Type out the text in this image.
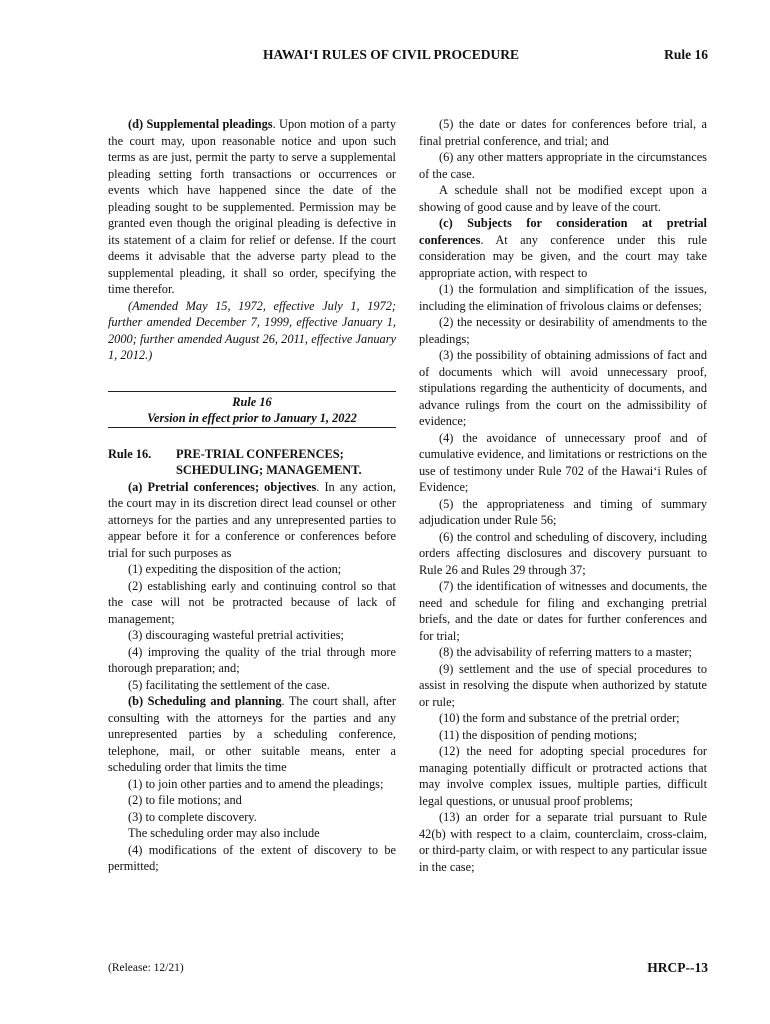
HAWAI‘I RULES OF CIVIL PROCEDURE	Rule 16

(d) Supplemental pleadings. Upon motion of a party the court may, upon reasonable notice and upon such terms as are just, permit the party to serve a supplemental pleading setting forth transactions or occurrences or events which have happened since the date of the pleading sought to be supplemented. Permission may be granted even though the original pleading is defective in its statement of a claim for relief or defense. If the court deems it advisable that the adverse party plead to the supplemental pleading, it shall so order, specifying the time therefor.

(Amended May 15, 1972, effective July 1, 1972; further amended December 7, 1999, effective January 1, 2000; further amended August 26, 2011, effective January 1, 2012.)

Rule 16
Version in effect prior to January 1, 2022
Rule 16.	PRE-TRIAL CONFERENCES;
SCHEDULING; MANAGEMENT.

(a) Pretrial conferences; objectives. In any action, the court may in its discretion direct lead counsel or other attorneys for the parties and any unrepresented parties to appear before it for a conference or conferences before trial for such purposes as

(1) expediting the disposition of the action;

(2) establishing early and continuing control so that the case will not be protracted because of lack of management;

(3) discouraging wasteful pretrial activities;

(4) improving the quality of the trial through more thorough preparation; and;

(5) facilitating the settlement of the case.

(b) Scheduling and planning. The court shall, after consulting with the attorneys for the parties and any unrepresented parties by a scheduling conference, telephone, mail, or other suitable means, enter a scheduling order that limits the time

(1) to join other parties and to amend the pleadings;

(2) to file motions; and

(3) to complete discovery.

The scheduling order may also include

(4) modifications of the extent of discovery to be permitted;

(5) the date or dates for conferences before trial, a final pretrial conference, and trial; and

(6) any other matters appropriate in the circumstances of the case.

A schedule shall not be modified except upon a showing of good cause and by leave of the court.

(c) Subjects for consideration at pretrial conferences. At any conference under this rule consideration may be given, and the court may take appropriate action, with respect to

(1) the formulation and simplification of the issues, including the elimination of frivolous claims or defenses;

(2) the necessity or desirability of amendments to the pleadings;

(3) the possibility of obtaining admissions of fact and of documents which will avoid unnecessary proof, stipulations regarding the authenticity of documents, and advance rulings from the court on the admissibility of evidence;

(4) the avoidance of unnecessary proof and of cumulative evidence, and limitations or restrictions on the use of testimony under Rule 702 of the Hawai‘i Rules of Evidence;

(5) the appropriateness and timing of summary adjudication under Rule 56;

(6) the control and scheduling of discovery, including orders affecting disclosures and discovery pursuant to Rule 26 and Rules 29 through 37;

(7) the identification of witnesses and documents, the need and schedule for filing and exchanging pretrial briefs, and the date or dates for further conferences and for trial;

(8) the advisability of referring matters to a master;

(9) settlement and the use of special procedures to assist in resolving the dispute when authorized by statute or rule;

(10) the form and substance of the pretrial order;

(11) the disposition of pending motions;

(12) the need for adopting special procedures for managing potentially difficult or protracted actions that may involve complex issues, multiple parties, difficult legal questions, or unusual proof problems;

(13) an order for a separate trial pursuant to Rule 42(b) with respect to a claim, counterclaim, cross-claim, or third-party claim, or with respect to any particular issue in the case;

(Release: 12/21)	HRCP--13
